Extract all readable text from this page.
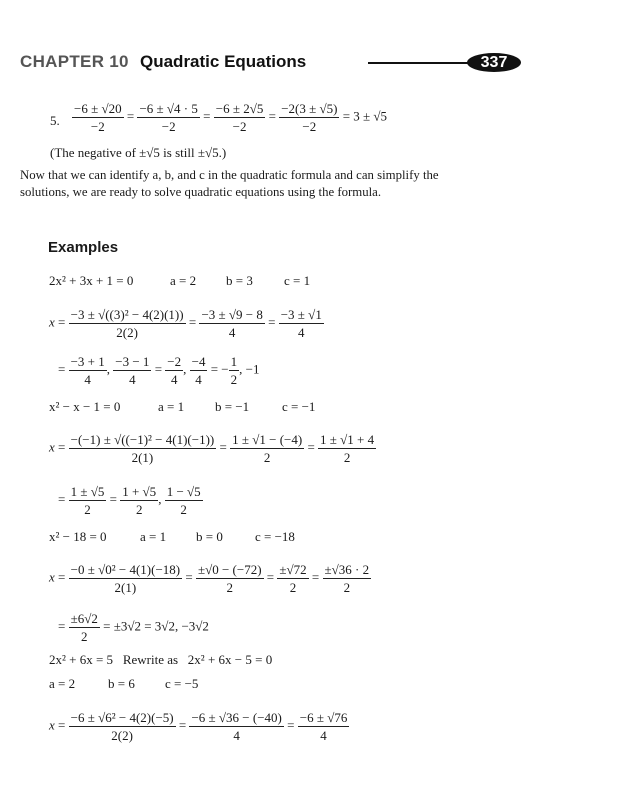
CHAPTER 10 Quadratic Equations	337
5. $\frac{-6 \pm √20}{-2} = \frac{-6 \pm √4 \cdot 5}{-2} = \frac{-6 \pm 2√5}{-2} = \frac{-2(3 \pm √5)}{-2} = 3 \pm √5$
(The negative of ±√5 is still ±√5.)
Now that we can identify a, b, and c in the quadratic formula and can simplify the solutions, we are ready to solve quadratic equations using the formula.
Examples
2x² + 3x + 1 = 0	a = 2 b = 3 c = 1
$x = \frac{\text{−3 ± √((3)² − 4(2)(1))}}{2(2)} = \frac{-3 \pm √9 - 8}{4} = \frac{-3 \pm √1}{4}$
= $\frac{-3 + 1}{4}$ , $\frac{-3 - 1}{4} = \frac{-2}{4}$ , $\frac{-4}{4}$ = − $\frac{1}{2}$ , −1
x² − x − 1 = 0	a = 1 b = −1	c = −1
$x = \frac{\text{−(−1) ± √((−1)² − 4(1)(−1))}}{2(1)} = \frac{1 \pm √1 - (-4)}{2} = \frac{1 \pm √1 + 4}{2}$
= $\frac{1 \pm √5}{2} = \frac{1 + √5}{2}$ , $\frac{1 - √5}{2}$
x² − 18 = 0	a = 1 b = 0 c = −18
$x = \frac{\text{−0 ± √0² − 4(1)(−18)}}{2(1)} = \frac{\pm√0 - (-72)}{2} = \frac{\pm√72}{2} = \frac{\pm√36 \cdot 2}{2}$
= $\frac{\pm 6√2}{2} = \pm 3√2 = 3√2$, −3√2
2x² + 6x = 5 Rewrite as 2x² + 6x − 5 = 0
a = 2	b = 6 c = −5
$x = \frac{\text{−6 ± √6² − 4(2)(−5)}}{2(2)} = \frac{-6 \pm √36 - (-40)}{4} = \frac{-6 \pm √76}{4}$
